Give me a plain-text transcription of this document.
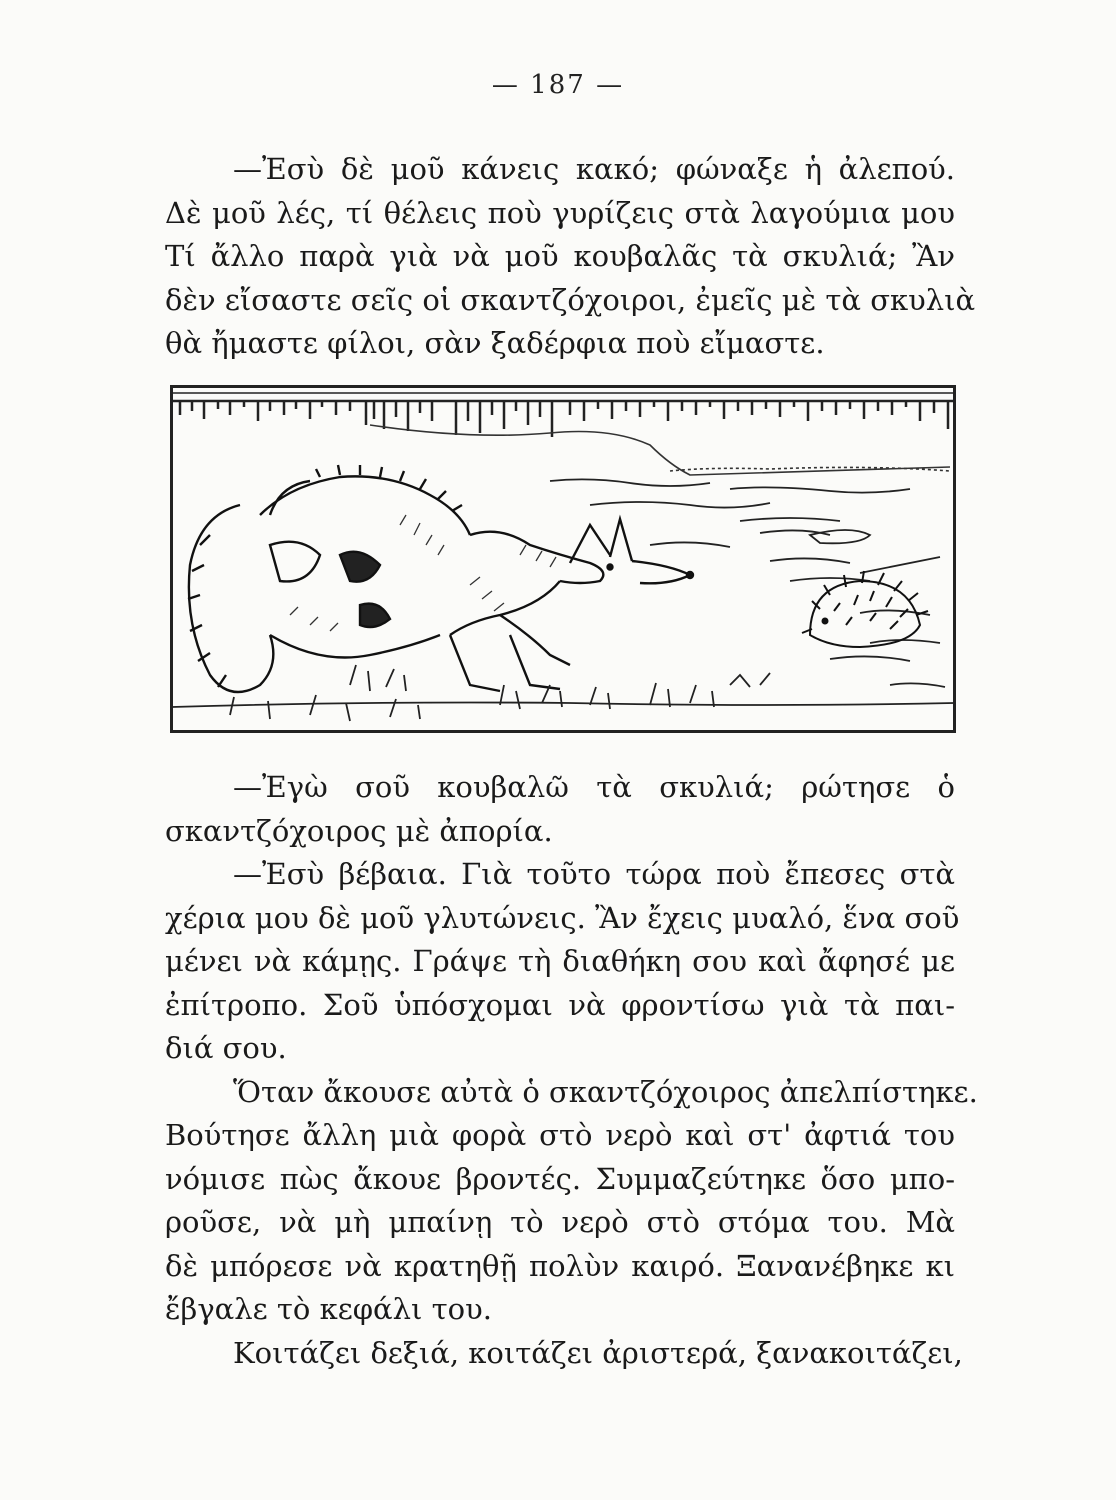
— 187 —
—Ἐσὺ δὲ μοῦ κάνεις κακό; φώναξε ἡ ἀλεπού.
Δὲ μοῦ λές, τί θέλεις ποὺ γυρίζεις στὰ λαγούμια μου
Τί ἄλλο παρὰ γιὰ νὰ μοῦ κουβαλᾶς τὰ σκυλιά; Ἂν
δὲν εἴσαστε σεῖς οἱ σκαντζόχοιροι, ἐμεῖς μὲ τὰ σκυλιὰ
θὰ ἤμαστε φίλοι, σὰν ξαδέρφια ποὺ εἴμαστε.
—Ἐγὼ σοῦ κουβαλῶ τὰ σκυλιά; ρώτησε ὁ
σκαντζόχοιρος μὲ ἀπορία.
—Ἐσὺ βέβαια. Γιὰ τοῦτο τώρα ποὺ ἔπεσες στὰ
χέρια μου δὲ μοῦ γλυτώνεις. Ἂν ἔχεις μυαλό, ἕνα σοῦ
μένει νὰ κάμῃς. Γράψε τὴ διαθήκη σου καὶ ἄφησέ με
ἐπίτροπο. Σοῦ ὑπόσχομαι νὰ φροντίσω γιὰ τὰ παι-
διά σου.
Ὅταν ἄκουσε αὐτὰ ὁ σκαντζόχοιρος ἀπελπίστηκε.
Βούτησε ἄλλη μιὰ φορὰ στὸ νερὸ καὶ στ' ἀφτιά του
νόμισε πὼς ἄκουε βροντές. Συμμαζεύτηκε ὅσο μπο-
ροῦσε, νὰ μὴ μπαίνῃ τὸ νερὸ στὸ στόμα του. Μὰ
δὲ μπόρεσε νὰ κρατηθῇ πολὺν καιρό. Ξανανέβηκε κι
ἔβγαλε τὸ κεφάλι του.
Κοιτάζει δεξιά, κοιτάζει ἀριστερά, ξανακοιτάζει,
